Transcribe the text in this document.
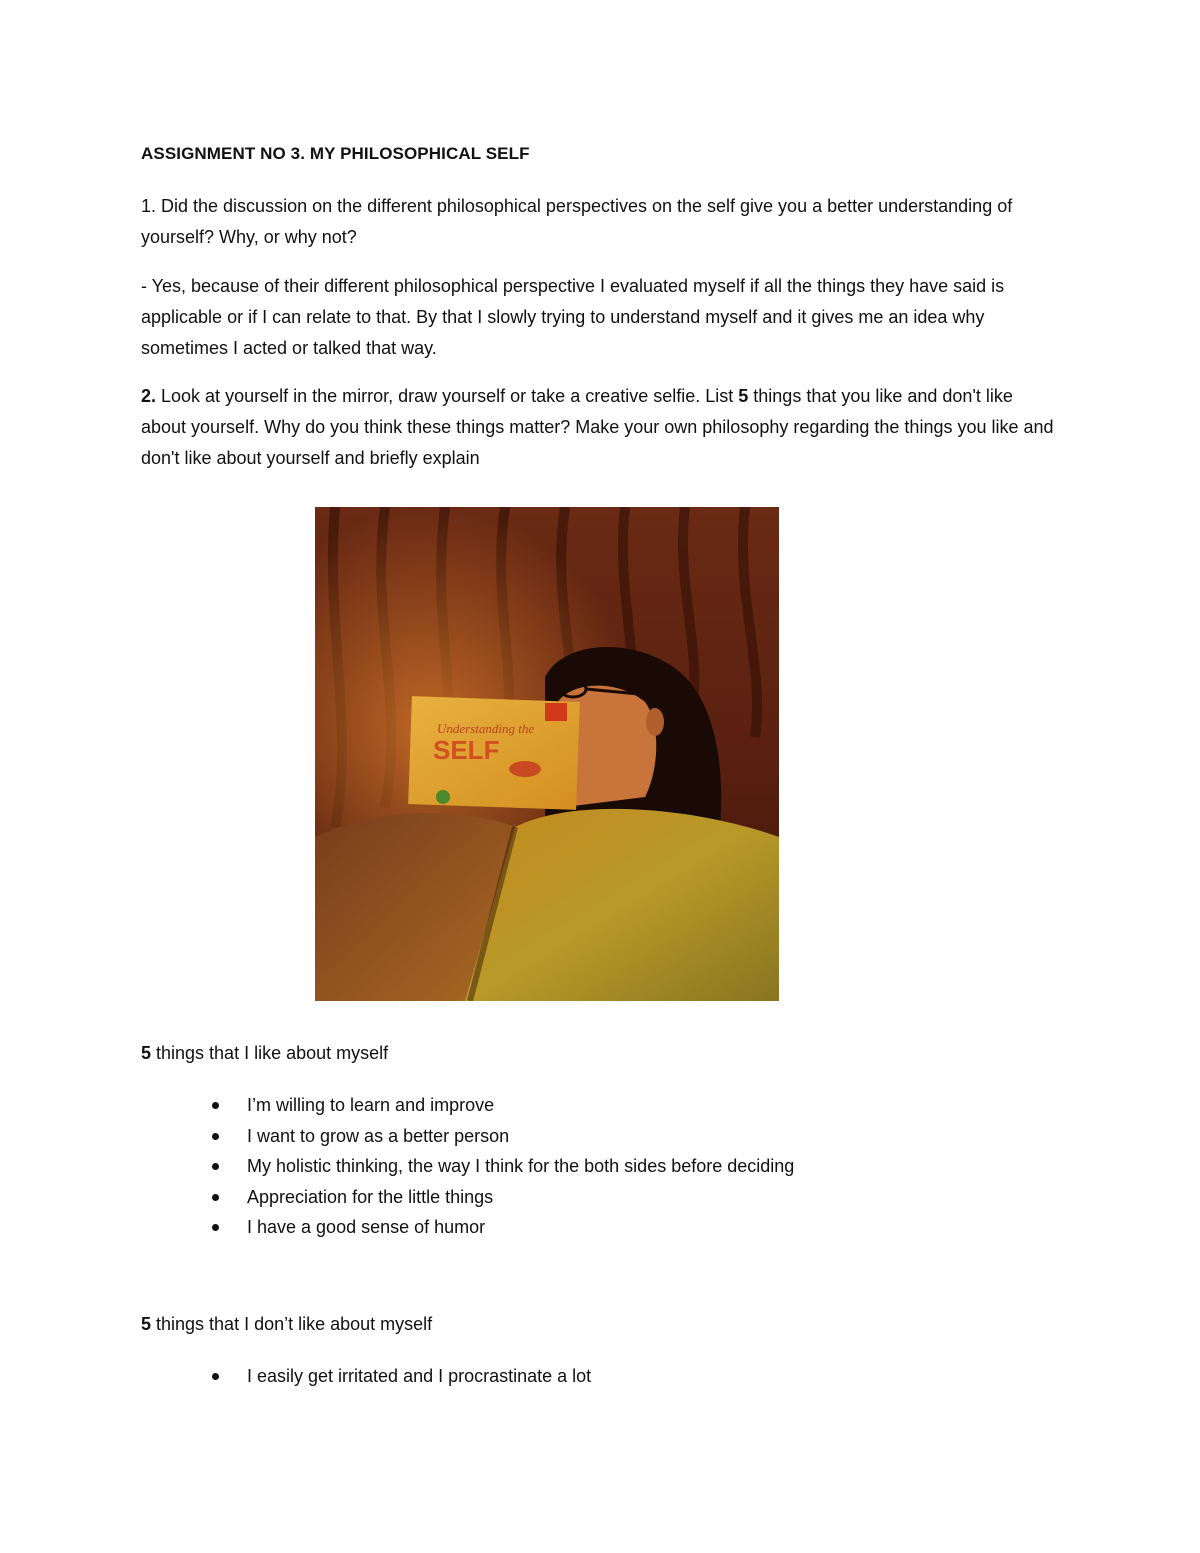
ASSIGNMENT NO 3. MY PHILOSOPHICAL SELF

1. Did the discussion on the different philosophical perspectives on the self give you a better understanding of yourself? Why, or why not?

- Yes, because of their different philosophical perspective I evaluated myself if all the things they have said is applicable or if I can relate to that. By that I slowly trying to understand myself and it gives me an idea why sometimes I acted or talked that way.

2. Look at yourself in the mirror, draw yourself or take a creative selfie. List 5 things that you like and don't like about yourself. Why do you think these things matter? Make your own philosophy regarding the things you like and don't like about yourself and briefly explain

Understanding the
SELF

5 things that I like about myself

I’m willing to learn and improve
I want to grow as a better person
My holistic thinking, the way I think for the both sides before deciding
Appreciation for the little things
I have a good sense of humor

5 things that I don’t like about myself

I easily get irritated and I procrastinate a lot
